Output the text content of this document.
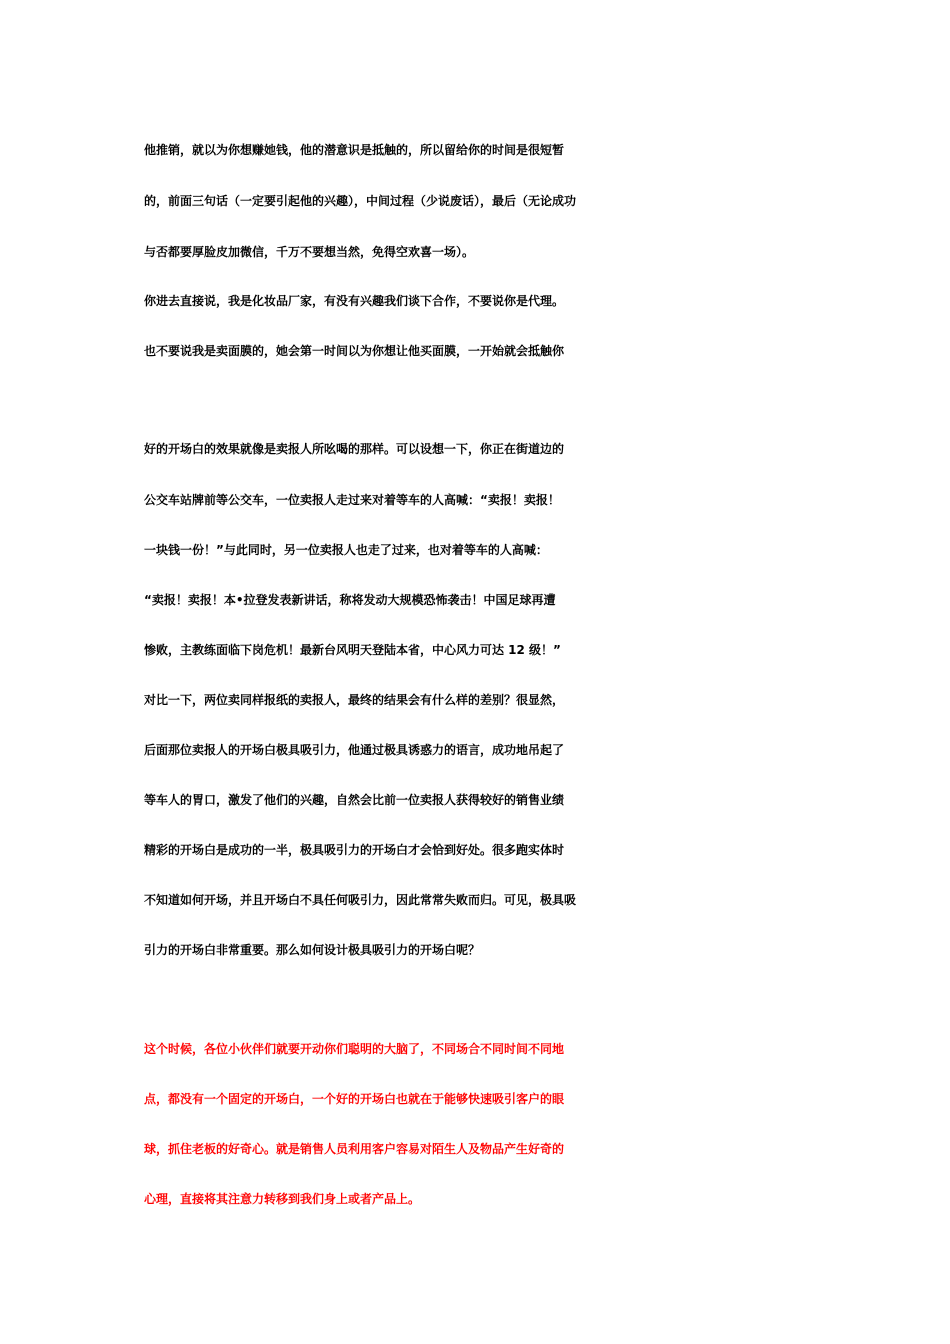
他推销，就以为你想赚她钱，他的潜意识是抵触的，所以留给你的时间是很短暂
的，前面三句话（一定要引起他的兴趣），中间过程（少说废话），最后（无论成功
与否都要厚脸皮加微信，千万不要想当然，免得空欢喜一场）。
你进去直接说，我是化妆品厂家，有没有兴趣我们谈下合作，不要说你是代理。
也不要说我是卖面膜的，她会第一时间以为你想让他买面膜，一开始就会抵触你
好的开场白的效果就像是卖报人所吆喝的那样。可以设想一下，你正在街道边的
公交车站牌前等公交车，一位卖报人走过来对着等车的人高喊：“卖报！卖报！
一块钱一份！”与此同时，另一位卖报人也走了过来，也对着等车的人高喊：
“卖报！卖报！本•拉登发表新讲话，称将发动大规模恐怖袭击！中国足球再遭
惨败，主教练面临下岗危机！最新台风明天登陆本省，中心风力可达 12 级！”
对比一下，两位卖同样报纸的卖报人，最终的结果会有什么样的差别？很显然，
后面那位卖报人的开场白极具吸引力，他通过极具诱惑力的语言，成功地吊起了
等车人的胃口，激发了他们的兴趣，自然会比前一位卖报人获得较好的销售业绩
精彩的开场白是成功的一半，极具吸引力的开场白才会恰到好处。很多跑实体时
不知道如何开场，并且开场白不具任何吸引力，因此常常失败而归。可见，极具吸
引力的开场白非常重要。那么如何设计极具吸引力的开场白呢？
这个时候，各位小伙伴们就要开动你们聪明的大脑了，不同场合不同时间不同地
点，都没有一个固定的开场白，一个好的开场白也就在于能够快速吸引客户的眼
球，抓住老板的好奇心。就是销售人员利用客户容易对陌生人及物品产生好奇的
心理，直接将其注意力转移到我们身上或者产品上。
